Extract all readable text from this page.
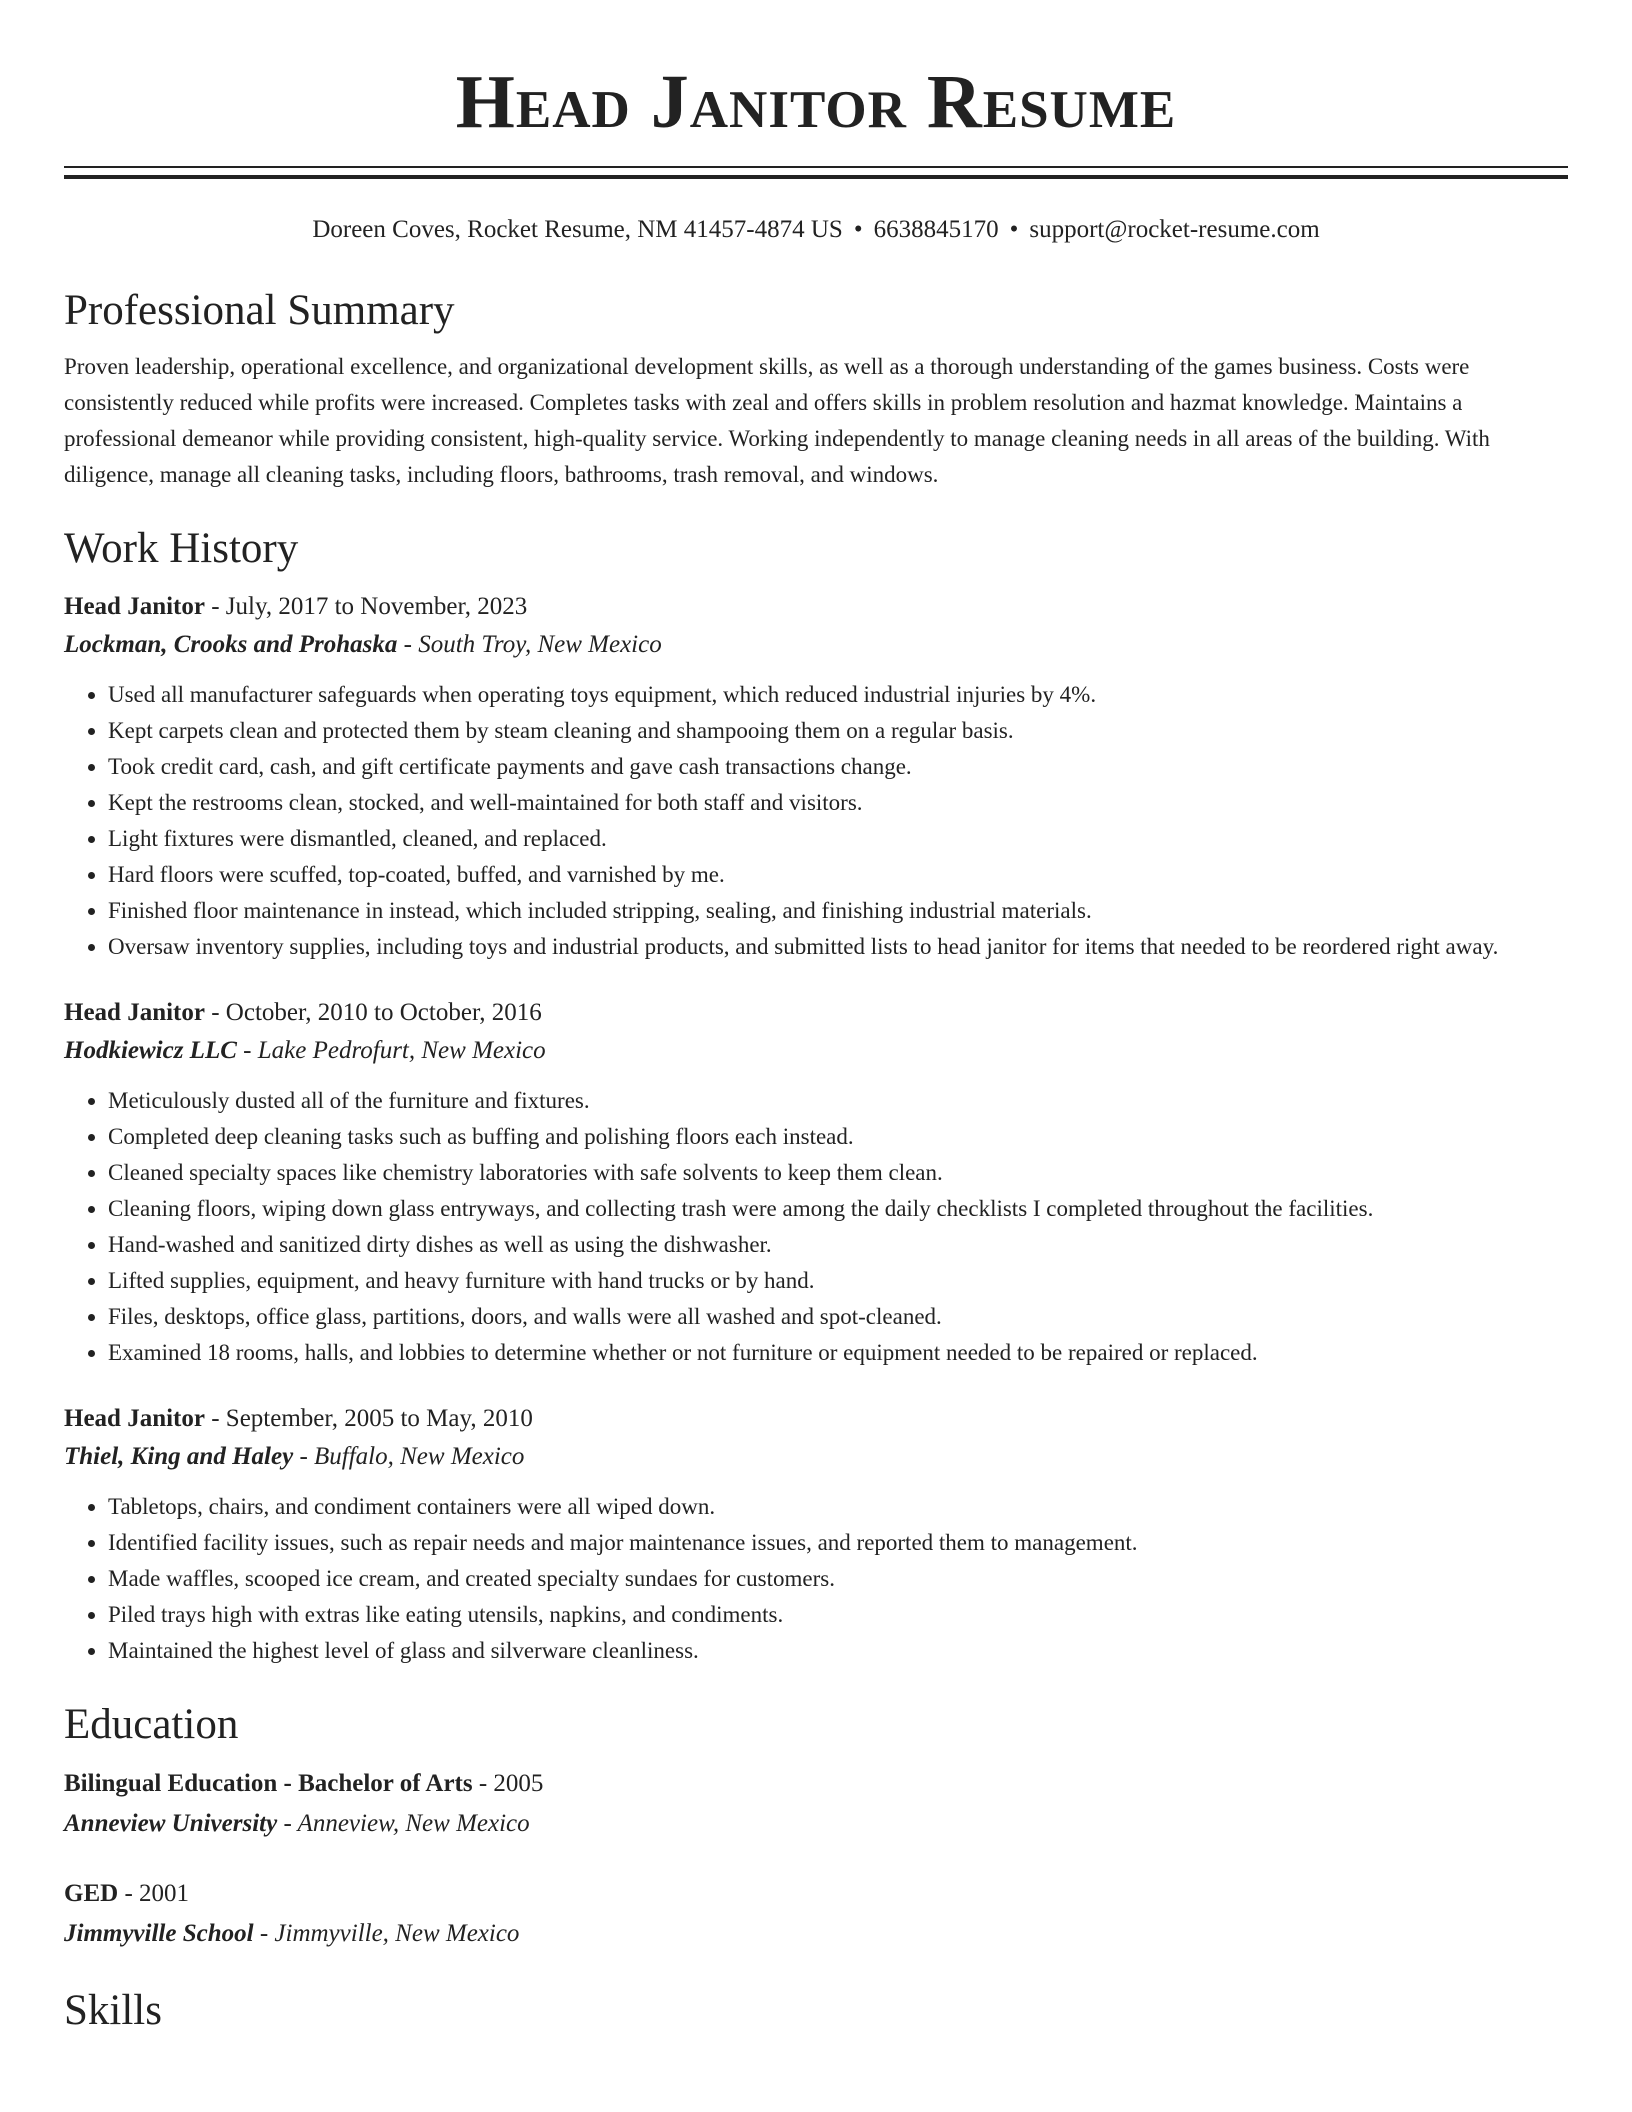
Head Janitor Resume
Doreen Coves, Rocket Resume, NM 41457-4874 US • 6638845170 • support@rocket-resume.com
Professional Summary

Proven leadership, operational excellence, and organizational development skills, as well as a thorough understanding of the games business. Costs were consistently reduced while profits were increased. Completes tasks with zeal and offers skills in problem resolution and hazmat knowledge. Maintains a professional demeanor while providing consistent, high-quality service. Working independently to manage cleaning needs in all areas of the building. With diligence, manage all cleaning tasks, including floors, bathrooms, trash removal, and windows.

Work History
Head Janitor - July, 2017 to November, 2023
Lockman, Crooks and Prohaska - South Troy, New Mexico
• Used all manufacturer safeguards when operating toys equipment, which reduced industrial injuries by 4%.
• Kept carpets clean and protected them by steam cleaning and shampooing them on a regular basis.
• Took credit card, cash, and gift certificate payments and gave cash transactions change.
• Kept the restrooms clean, stocked, and well-maintained for both staff and visitors.
• Light fixtures were dismantled, cleaned, and replaced.
• Hard floors were scuffed, top-coated, buffed, and varnished by me.
• Finished floor maintenance in instead, which included stripping, sealing, and finishing industrial materials.
• Oversaw inventory supplies, including toys and industrial products, and submitted lists to head janitor for items that needed to be reordered right away.
Head Janitor - October, 2010 to October, 2016
Hodkiewicz LLC - Lake Pedrofurt, New Mexico
• Meticulously dusted all of the furniture and fixtures.
• Completed deep cleaning tasks such as buffing and polishing floors each instead.
• Cleaned specialty spaces like chemistry laboratories with safe solvents to keep them clean.
• Cleaning floors, wiping down glass entryways, and collecting trash were among the daily checklists I completed throughout the facilities.
• Hand-washed and sanitized dirty dishes as well as using the dishwasher.
• Lifted supplies, equipment, and heavy furniture with hand trucks or by hand.
• Files, desktops, office glass, partitions, doors, and walls were all washed and spot-cleaned.
• Examined 18 rooms, halls, and lobbies to determine whether or not furniture or equipment needed to be repaired or replaced.
Head Janitor - September, 2005 to May, 2010
Thiel, King and Haley - Buffalo, New Mexico
• Tabletops, chairs, and condiment containers were all wiped down.
• Identified facility issues, such as repair needs and major maintenance issues, and reported them to management.
• Made waffles, scooped ice cream, and created specialty sundaes for customers.
• Piled trays high with extras like eating utensils, napkins, and condiments.
• Maintained the highest level of glass and silverware cleanliness.
Education
Bilingual Education - Bachelor of Arts - 2005
Anneview University - Anneview, New Mexico
GED - 2001
Jimmyville School - Jimmyville, New Mexico
Skills
